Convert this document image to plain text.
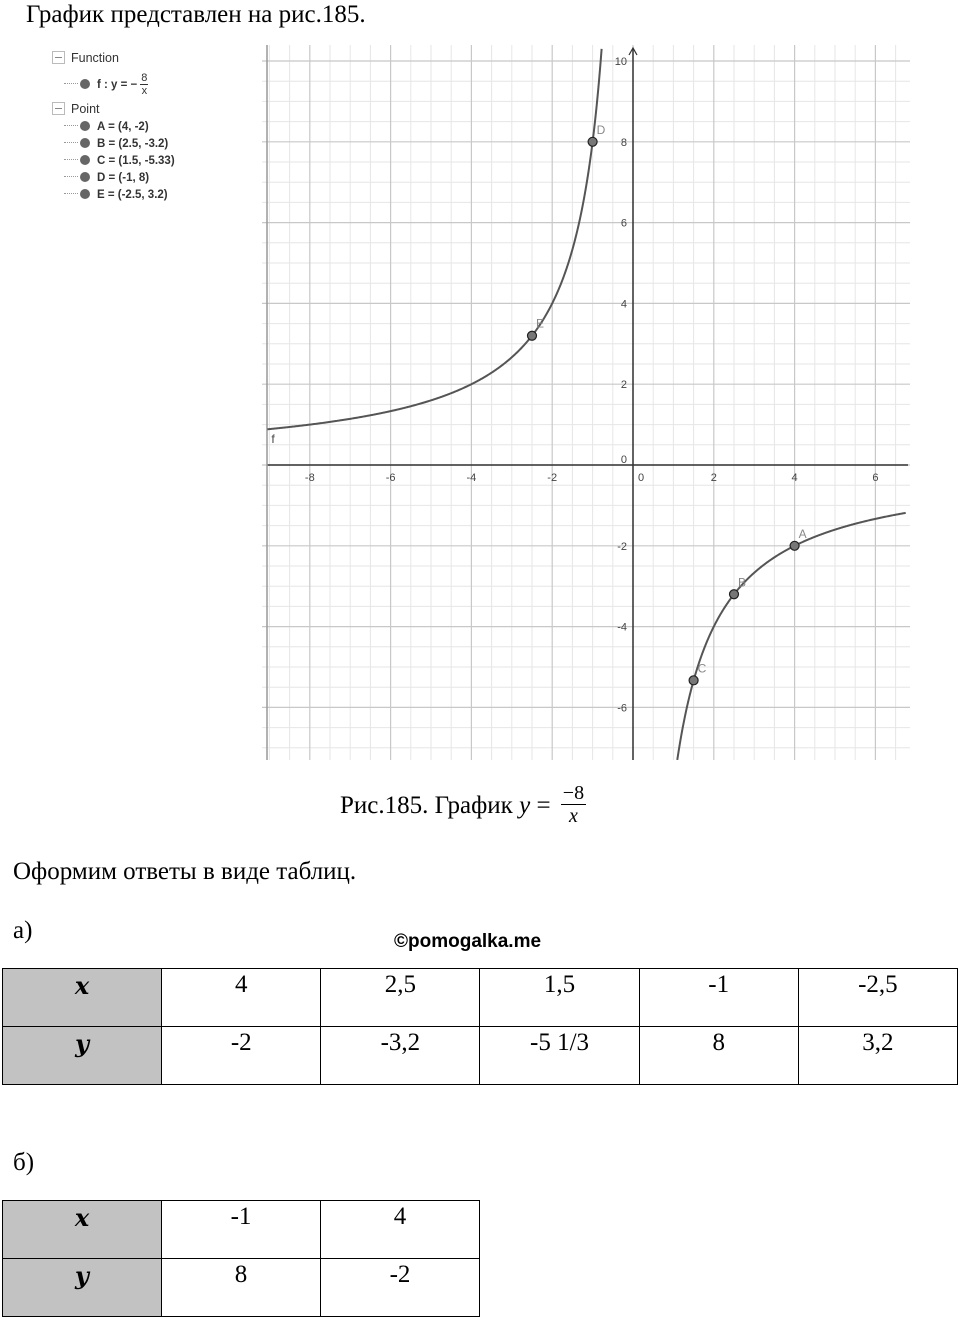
График представлен на рис.185.
Function
f : y = − $\frac{8}{x}$
Point
A = (4, -2)
B = (2.5, -3.2)
C = (1.5, -5.33)
D = (-1, 8)
E = (-2.5, 3.2)
-8	-6	-4	-2	0	2	4	6
10
8
6
4
2
0
-2
-4
-6
f
A
B
C
D
E
Рис.185. График $y = \frac{-8}{x}$
Оформим ответы в виде таблиц.
а)	©pomogalka.me
x	4	2,5	1,5	-1	-2,5
y	-2	-3,2	-5 1/3	8	3,2
б)
x	-1	4
y	8	-2
